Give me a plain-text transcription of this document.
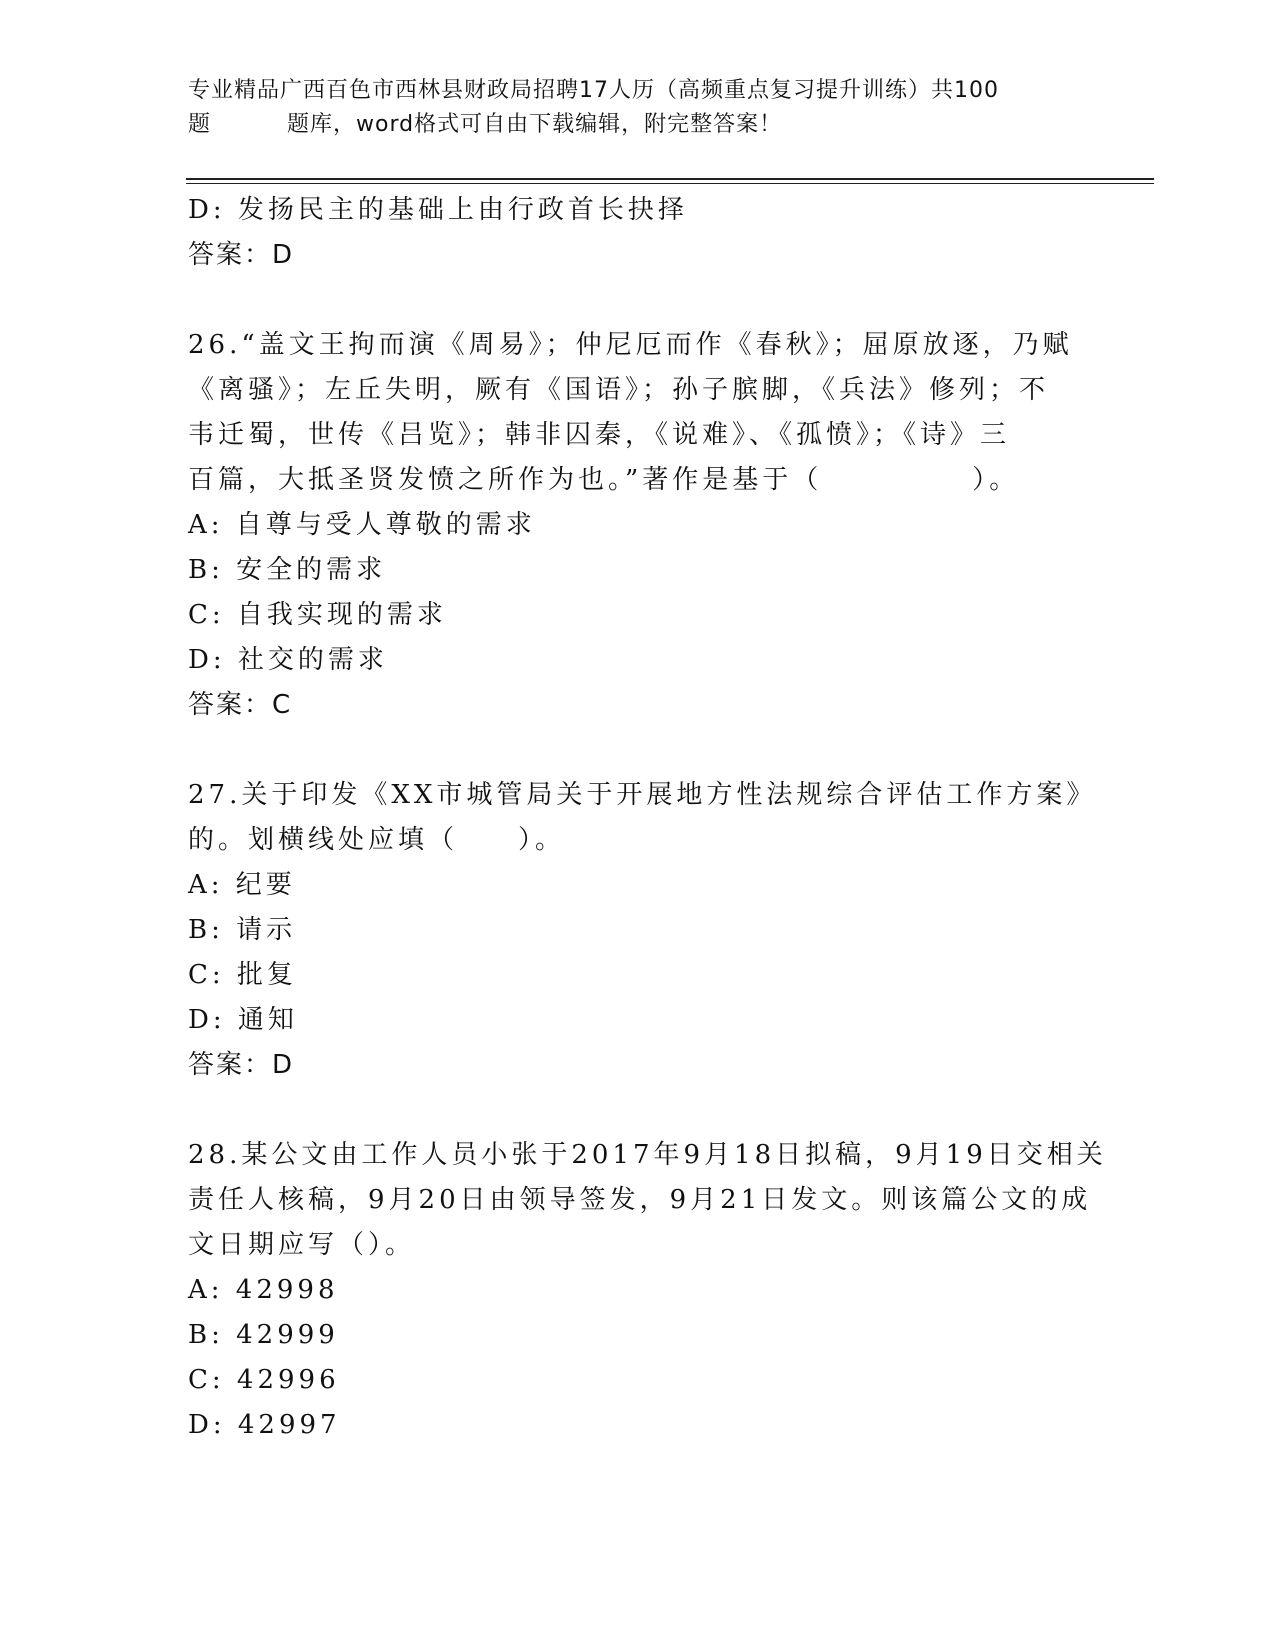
专业精品广西百色市西林县财政局招聘17人历（高频重点复习提升训练）共100
题	题库，word格式可自由下载编辑，附完整答案！
D: 发扬民主的基础上由行政首长抉择
答案：D
26.“盖文王拘而演《周易》；仲尼厄而作《春秋》；屈原放逐，乃赋
《离骚》；左丘失明，厥有《国语》；孙子膑脚，《兵法》修列；不
韦迁蜀，世传《吕览》；韩非囚秦，《说难》、《孤愤》；《诗》三
百篇，大抵圣贤发愤之所作为也。”著作是基于（　　　　　）。
A: 自尊与受人尊敬的需求
B: 安全的需求
C: 自我实现的需求
D: 社交的需求
答案：C
27.关于印发《XX市城管局关于开展地方性法规综合评估工作方案》
的。划横线处应填（　　）。
A: 纪要
B: 请示
C: 批复
D: 通知
答案：D
28.某公文由工作人员小张于2017年9月18日拟稿，9月19日交相关
责任人核稿，9月20日由领导签发，9月21日发文。则该篇公文的成
文日期应写（）。
A: 42998
B: 42999
C: 42996
D: 42997
